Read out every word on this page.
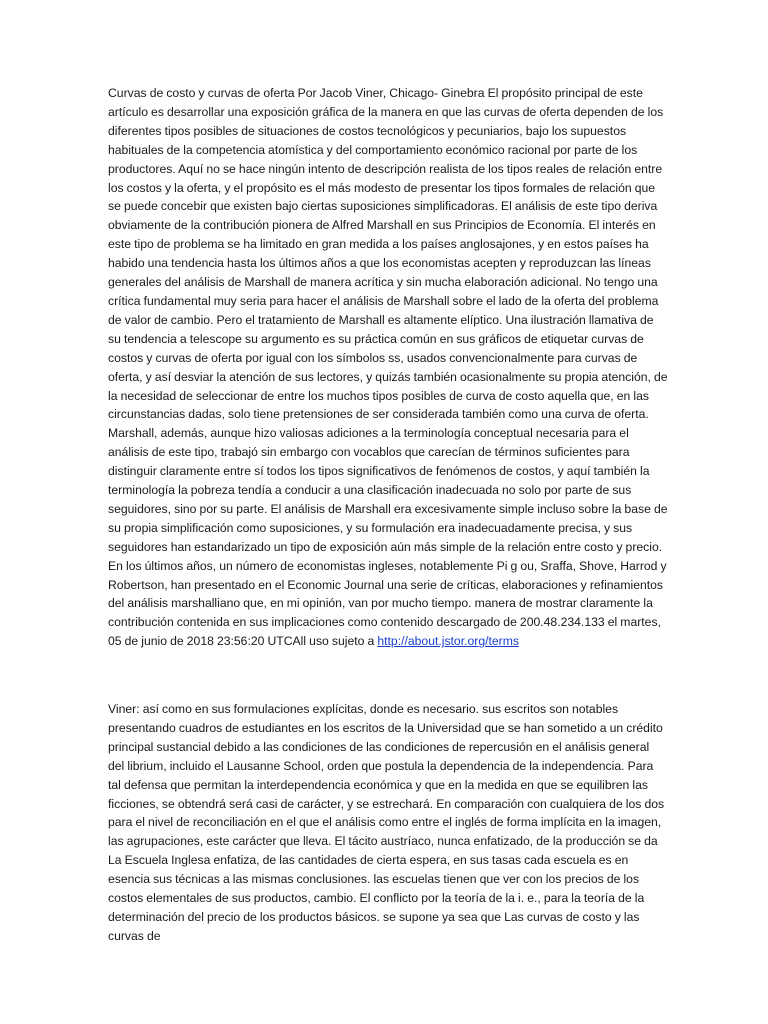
Curvas de costo y curvas de oferta Por Jacob Viner, Chicago- Ginebra El propósito principal de este artículo es desarrollar una exposición gráfica de la manera en que las curvas de oferta dependen de los diferentes tipos posibles de situaciones de costos tecnológicos y pecuniarios, bajo los supuestos habituales de la competencia atomística y del comportamiento económico racional por parte de los productores. Aquí no se hace ningún intento de descripción realista de los tipos reales de relación entre los costos y la oferta, y el propósito es el más modesto de presentar los tipos formales de relación que se puede concebir que existen bajo ciertas suposiciones simplificadoras. El análisis de este tipo deriva obviamente de la contribución pionera de Alfred Marshall en sus Principios de Economía. El interés en este tipo de problema se ha limitado en gran medida a los países anglosajones, y en estos países ha habido una tendencia hasta los últimos años a que los economistas acepten y reproduzcan las líneas generales del análisis de Marshall de manera acrítica y sin mucha elaboración adicional. No tengo una crítica fundamental muy seria para hacer el análisis de Marshall sobre el lado de la oferta del problema de valor de cambio. Pero el tratamiento de Marshall es altamente elíptico. Una ilustración llamativa de su tendencia a telescope su argumento es su práctica común en sus gráficos de etiquetar curvas de costos y curvas de oferta por igual con los símbolos ss, usados convencionalmente para curvas de oferta, y así desviar la atención de sus lectores, y quizás también ocasionalmente su propia atención, de la necesidad de seleccionar de entre los muchos tipos posibles de curva de costo aquella que, en las circunstancias dadas, solo tiene pretensiones de ser considerada también como una curva de oferta. Marshall, además, aunque hizo valiosas adiciones a la terminología conceptual necesaria para el análisis de este tipo, trabajó sin embargo con vocablos que carecían de términos suficientes para distinguir claramente entre sí todos los tipos significativos de fenómenos de costos, y aquí también la terminología la pobreza tendía a conducir a una clasificación inadecuada no solo por parte de sus seguidores, sino por su parte. El análisis de Marshall era excesivamente simple incluso sobre la base de su propia simplificación como suposiciones, y su formulación era inadecuadamente precisa, y sus seguidores han estandarizado un tipo de exposición aún más simple de la relación entre costo y precio. En los últimos años, un número de economistas ingleses, notablemente Pi g ou, Sraffa, Shove, Harrod y Robertson, han presentado en el Economic Journal una serie de críticas, elaboraciones y refinamientos del análisis marshalliano que, en mi opinión, van por mucho tiempo. manera de mostrar claramente la contribución contenida en sus implicaciones como contenido descargado de 200.48.234.133 el martes, 05 de junio de 2018 23:56:20 UTCAll uso sujeto a http://about.jstor.org/terms

Viner: así como en sus formulaciones explícitas, donde es necesario. sus escritos son notables presentando cuadros de estudiantes en los escritos de la Universidad que se han sometido a un crédito principal sustancial debido a las condiciones de las condiciones de repercusión en el análisis general del librium, incluido el Lausanne School, orden que postula la dependencia de la independencia. Para tal defensa que permitan la interdependencia económica y que en la medida en que se equilibren las ficciones, se obtendrá será casi de carácter, y se estrechará. En comparación con cualquiera de los dos para el nivel de reconciliación en el que el análisis como entre el inglés de forma implícita en la imagen, las agrupaciones, este carácter que lleva. El tácito austríaco, nunca enfatizado, de la producción se da La Escuela Inglesa enfatiza, de las cantidades de cierta espera, en sus tasas cada escuela es en esencia sus técnicas a las mismas conclusiones. las escuelas tienen que ver con los precios de los costos elementales de sus productos, cambio. El conflicto por la teoría de la i. e., para la teoría de la determinación del precio de los productos básicos. se supone ya sea que Las curvas de costo y las curvas de
